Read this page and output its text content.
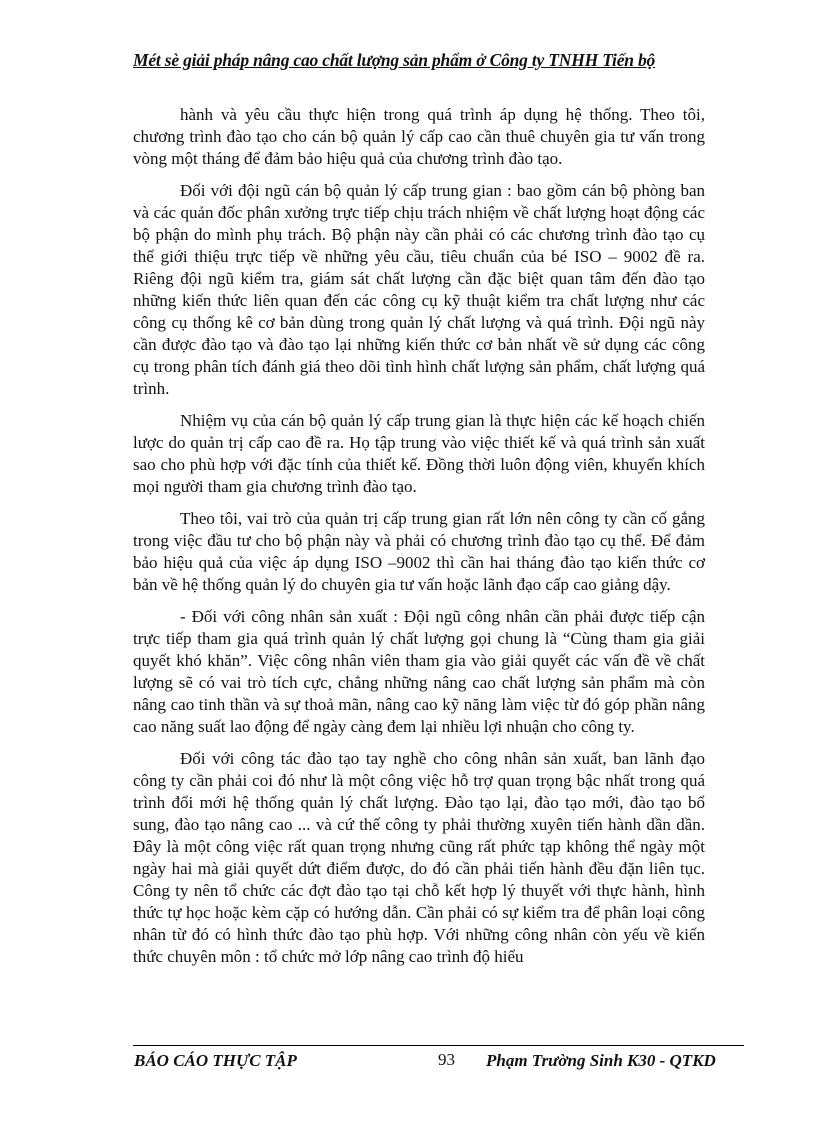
Mét sè giải pháp nâng cao chất lượng sản phẩm ở Công ty TNHH Tiến bộ

hành và yêu cầu thực hiện trong quá trình áp dụng hệ thống. Theo tôi, chương trình đào tạo cho cán bộ quản lý cấp cao cần thuê chuyên gia tư vấn trong vòng một tháng để đảm bảo hiệu quả của chương trình đào tạo.

Đối với đội ngũ cán bộ quản lý cấp trung gian : bao gồm cán bộ phòng ban và các quản đốc phân xưởng trực tiếp chịu trách nhiệm về chất lượng hoạt động các bộ phận do mình phụ trách. Bộ phận này cần phải có các chương trình đào tạo cụ thể giới thiệu trực tiếp về những yêu cầu, tiêu chuẩn của bé ISO – 9002 đề ra. Riêng đội ngũ kiểm tra, giám sát chất lượng cần đặc biệt quan tâm đến đào tạo những kiến thức liên quan đến các công cụ kỹ thuật kiểm tra chất lượng như các công cụ thống kê cơ bản dùng trong quản lý chất lượng và quá trình. Đội ngũ này cần được đào tạo và đào tạo lại những kiến thức cơ bản nhất về sử dụng các công cụ trong phân tích đánh giá theo dõi tình hình chất lượng sản phẩm, chất lượng quá trình.

Nhiệm vụ của cán bộ quản lý cấp trung gian là thực hiện các kế hoạch chiến lược do quản trị cấp cao đề ra. Họ tập trung vào việc thiết kế và quá trình sản xuất sao cho phù hợp với đặc tính của thiết kế. Đồng thời luôn động viên, khuyến khích mọi người tham gia chương trình đào tạo.

Theo tôi, vai trò của quản trị cấp trung gian rất lớn nên công ty cần cố gắng trong việc đầu tư cho bộ phận này và phải có chương trình đào tạo cụ thể. Để đảm bảo hiệu quả của việc áp dụng ISO –9002 thì cần hai tháng đào tạo kiến thức cơ bản về hệ thống quản lý do chuyên gia tư vấn hoặc lãnh đạo cấp cao giảng dậy.

- Đối với công nhân sản xuất : Đội ngũ công nhân cần phải được tiếp cận trực tiếp tham gia quá trình quản lý chất lượng gọi chung là “Cùng tham gia giải quyết khó khăn”. Việc công nhân viên tham gia vào giải quyết các vấn đề về chất lượng sẽ có vai trò tích cực, chẳng những nâng cao chất lượng sản phẩm mà còn nâng cao tinh thần và sự thoả mãn, nâng cao kỹ năng làm việc từ đó góp phần nâng cao năng suất lao động để ngày càng đem lại nhiều lợi nhuận cho công ty.

Đối với công tác đào tạo tay nghề cho công nhân sản xuất, ban lãnh đạo công ty cần phải coi đó như là một công việc hỗ trợ quan trọng bậc nhất trong quá trình đổi mới hệ thống quản lý chất lượng. Đào tạo lại, đào tạo mới, đào tạo bổ sung, đào tạo nâng cao ... và cứ thế công ty phải thường xuyên tiến hành dần dần. Đây là một công việc rất quan trọng nhưng cũng rất phức tạp không thể ngày một ngày hai mà giải quyết dứt điểm được, do đó cần phải tiến hành đều đặn liên tục. Công ty nên tổ chức các đợt đào tạo tại chỗ kết hợp lý thuyết với thực hành, hình thức tự học hoặc kèm cặp có hướng dẫn. Cần phải có sự kiểm tra để phân loại công nhân từ đó có hình thức đào tạo phù hợp. Với những công nhân còn yếu về kiến thức chuyên môn : tổ chức mở lớp nâng cao trình độ hiểu

BÁO CÁO THỰC TẬP	93 Phạm Trường Sinh K30 - QTKD
